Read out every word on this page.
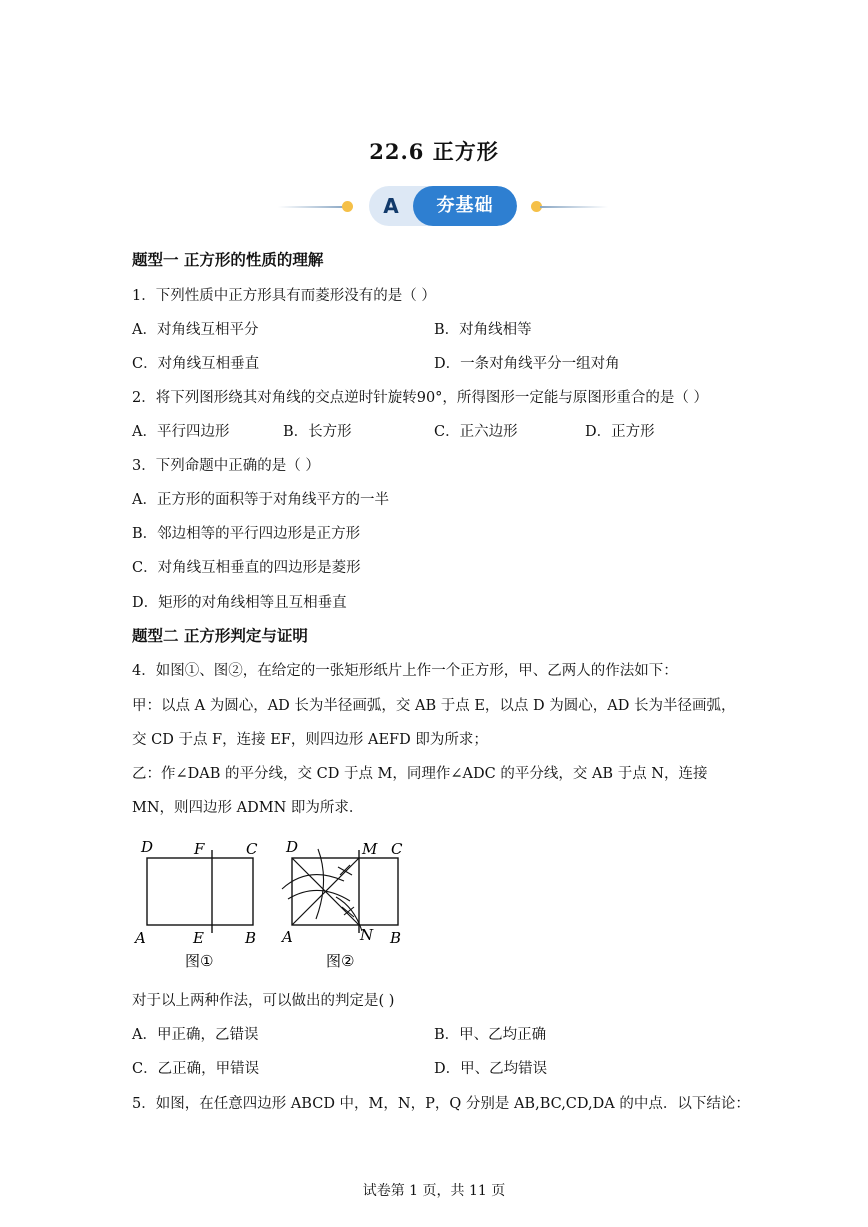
22.6 正方形
A	夯基础
题型一 正方形的性质的理解
1．下列性质中正方形具有而菱形没有的是（ ）
A．对角线互相平分	B．对角线相等
C．对角线互相垂直	D．一条对角线平分一组对角
2．将下列图形绕其对角线的交点逆时针旋转90°，所得图形一定能与原图形重合的是（ ）
A．平行四边形	B．长方形	C．正六边形	D．正方形
3．下列命题中正确的是（ ）
A．正方形的面积等于对角线平方的一半
B．邻边相等的平行四边形是正方形
C．对角线互相垂直的四边形是菱形
D．矩形的对角线相等且互相垂直
题型二 正方形判定与证明
4．如图①、图②，在给定的一张矩形纸片上作一个正方形，甲、乙两人的作法如下：
甲：以点 A 为圆心，AD 长为半径画弧，交 AB 于点 E，以点 D 为圆心，AD 长为半径画弧，
交 CD 于点 F，连接 EF，则四边形 AEFD 即为所求；
乙：作∠DAB 的平分线，交 CD 于点 M，同理作∠ADC 的平分线，交 AB 于点 N，连接
MN，则四边形 ADMN 即为所求．
D	F	C
A	E	B
图①
D	M C
A	N B
图②
对于以上两种作法，可以做出的判定是( )
A．甲正确，乙错误	B．甲、乙均正确
C．乙正确，甲错误	D．甲、乙均错误
5．如图，在任意四边形 ABCD 中，M，N，P，Q 分别是 AB,BC,CD,DA 的中点．以下结论：
试卷第 1 页，共 11 页
